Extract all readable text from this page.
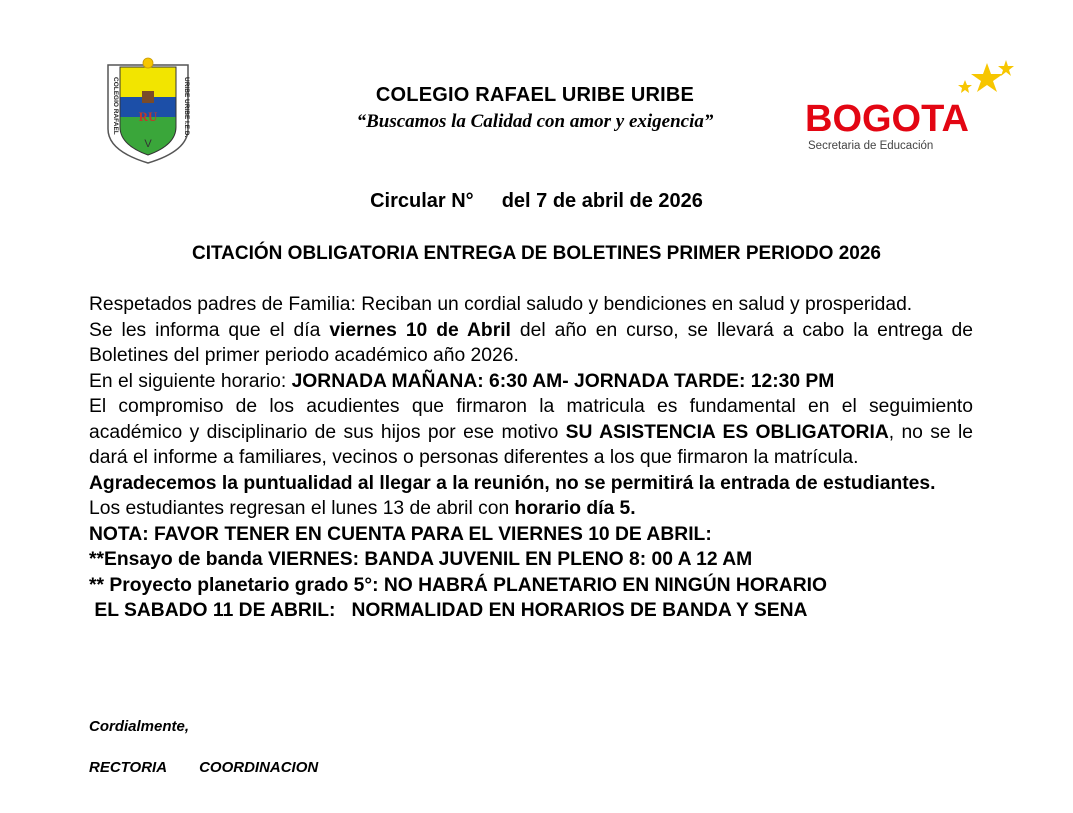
RU
V
COLEGIO RAFAEL	URIBE URIBE I.E.D.	COLEGIO RAFAEL URIBE URIBE
“Buscamos la Calidad con amor y exigencia”	BOGOTA
Secretaria de Educación
Circular N° del 7 de abril de 2026
CITACIÓN OBLIGATORIA ENTREGA DE BOLETINES PRIMER PERIODO 2026

Respetados padres de Familia: Reciban un cordial saludo y bendiciones en salud y prosperidad.

Se les informa que el día viernes 10 de Abril del año en curso, se llevará a cabo la entrega de Boletines del primer periodo académico año 2026.

En el siguiente horario: JORNADA MAÑANA: 6:30 AM- JORNADA TARDE: 12:30 PM

El compromiso de los acudientes que firmaron la matricula es fundamental en el seguimiento académico y disciplinario de sus hijos por ese motivo SU ASISTENCIA ES OBLIGATORIA, no se le dará el informe a familiares, vecinos o personas diferentes a los que firmaron la matrícula.

Agradecemos la puntualidad al llegar a la reunión, no se permitirá la entrada de estudiantes.

Los estudiantes regresan el lunes 13 de abril con horario día 5.

NOTA: FAVOR TENER EN CUENTA PARA EL VIERNES 10 DE ABRIL:

**Ensayo de banda VIERNES: BANDA JUVENIL EN PLENO 8: 00 A 12 AM

** Proyecto planetario grado 5°: NO HABRÁ PLANETARIO EN NINGÚN HORARIO

EL SABADO 11 DE ABRIL:   NORMALIDAD EN HORARIOS DE BANDA Y SENA

Cordialmente,
RECTORIA COORDINACION
